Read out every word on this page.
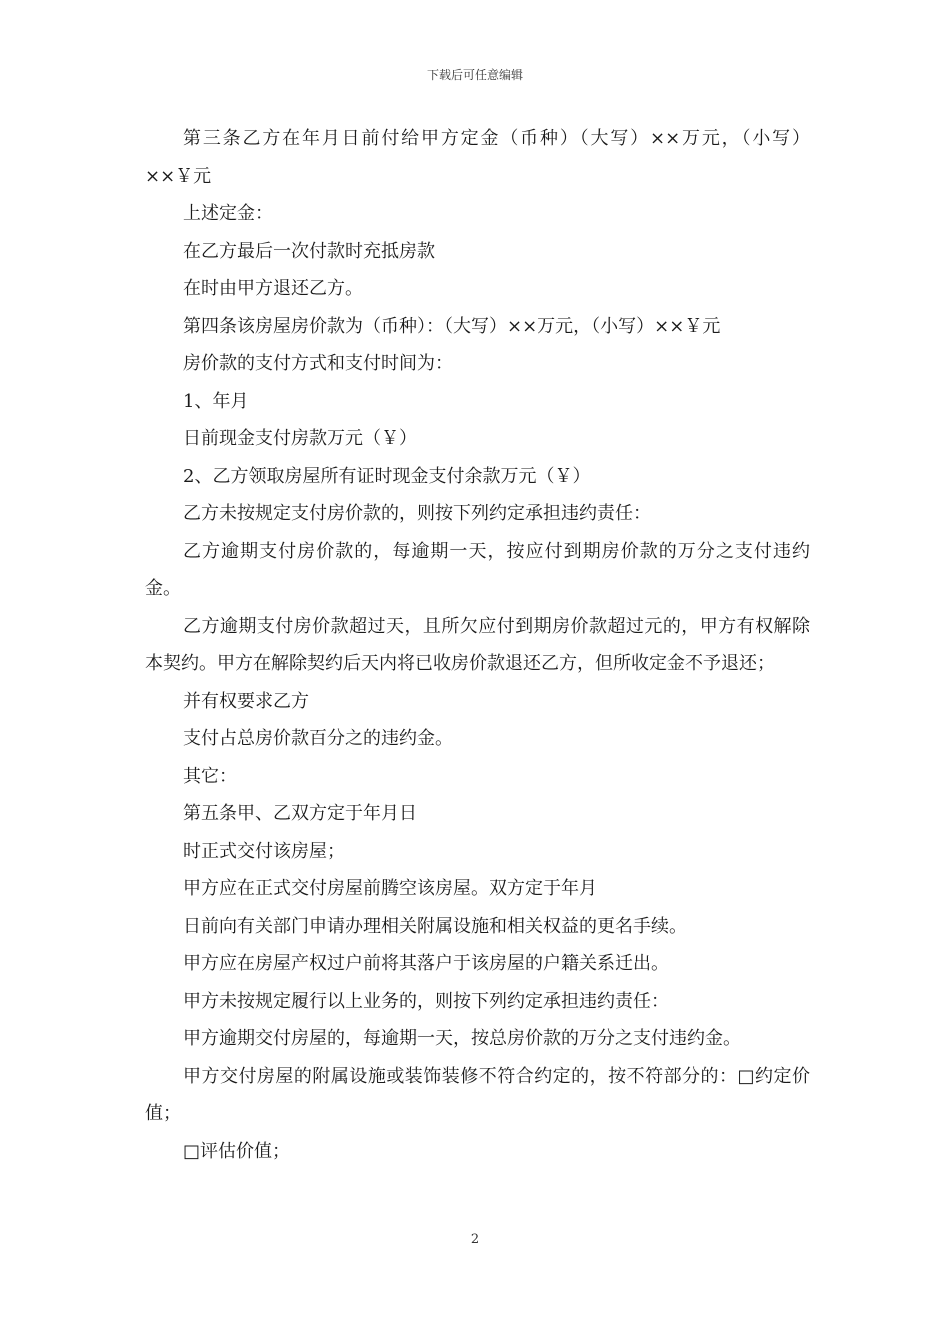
下载后可任意编辑

第三条乙方在年月日前付给甲方定金（币种）（大写）××万元，（小写）××￥元

上述定金：

在乙方最后一次付款时充抵房款

在时由甲方退还乙方。

第四条该房屋房价款为（币种）：（大写）××万元，（小写）××￥元

房价款的支付方式和支付时间为：

1、年月

日前现金支付房款万元（￥）

2、乙方领取房屋所有证时现金支付余款万元（￥）

乙方未按规定支付房价款的，则按下列约定承担违约责任：

乙方逾期支付房价款的，每逾期一天，按应付到期房价款的万分之支付违约金。

乙方逾期支付房价款超过天，且所欠应付到期房价款超过元的，甲方有权解除本契约。甲方在解除契约后天内将已收房价款退还乙方，但所收定金不予退还；

并有权要求乙方

支付占总房价款百分之的违约金。

其它：

第五条甲、乙双方定于年月日

时正式交付该房屋；

甲方应在正式交付房屋前腾空该房屋。双方定于年月

日前向有关部门申请办理相关附属设施和相关权益的更名手续。

甲方应在房屋产权过户前将其落户于该房屋的户籍关系迁出。

甲方未按规定履行以上业务的，则按下列约定承担违约责任：

甲方逾期交付房屋的，每逾期一天，按总房价款的万分之支付违约金。

甲方交付房屋的附属设施或装饰装修不符合约定的，按不符部分的：□约定价值；

□评估价值；

2
